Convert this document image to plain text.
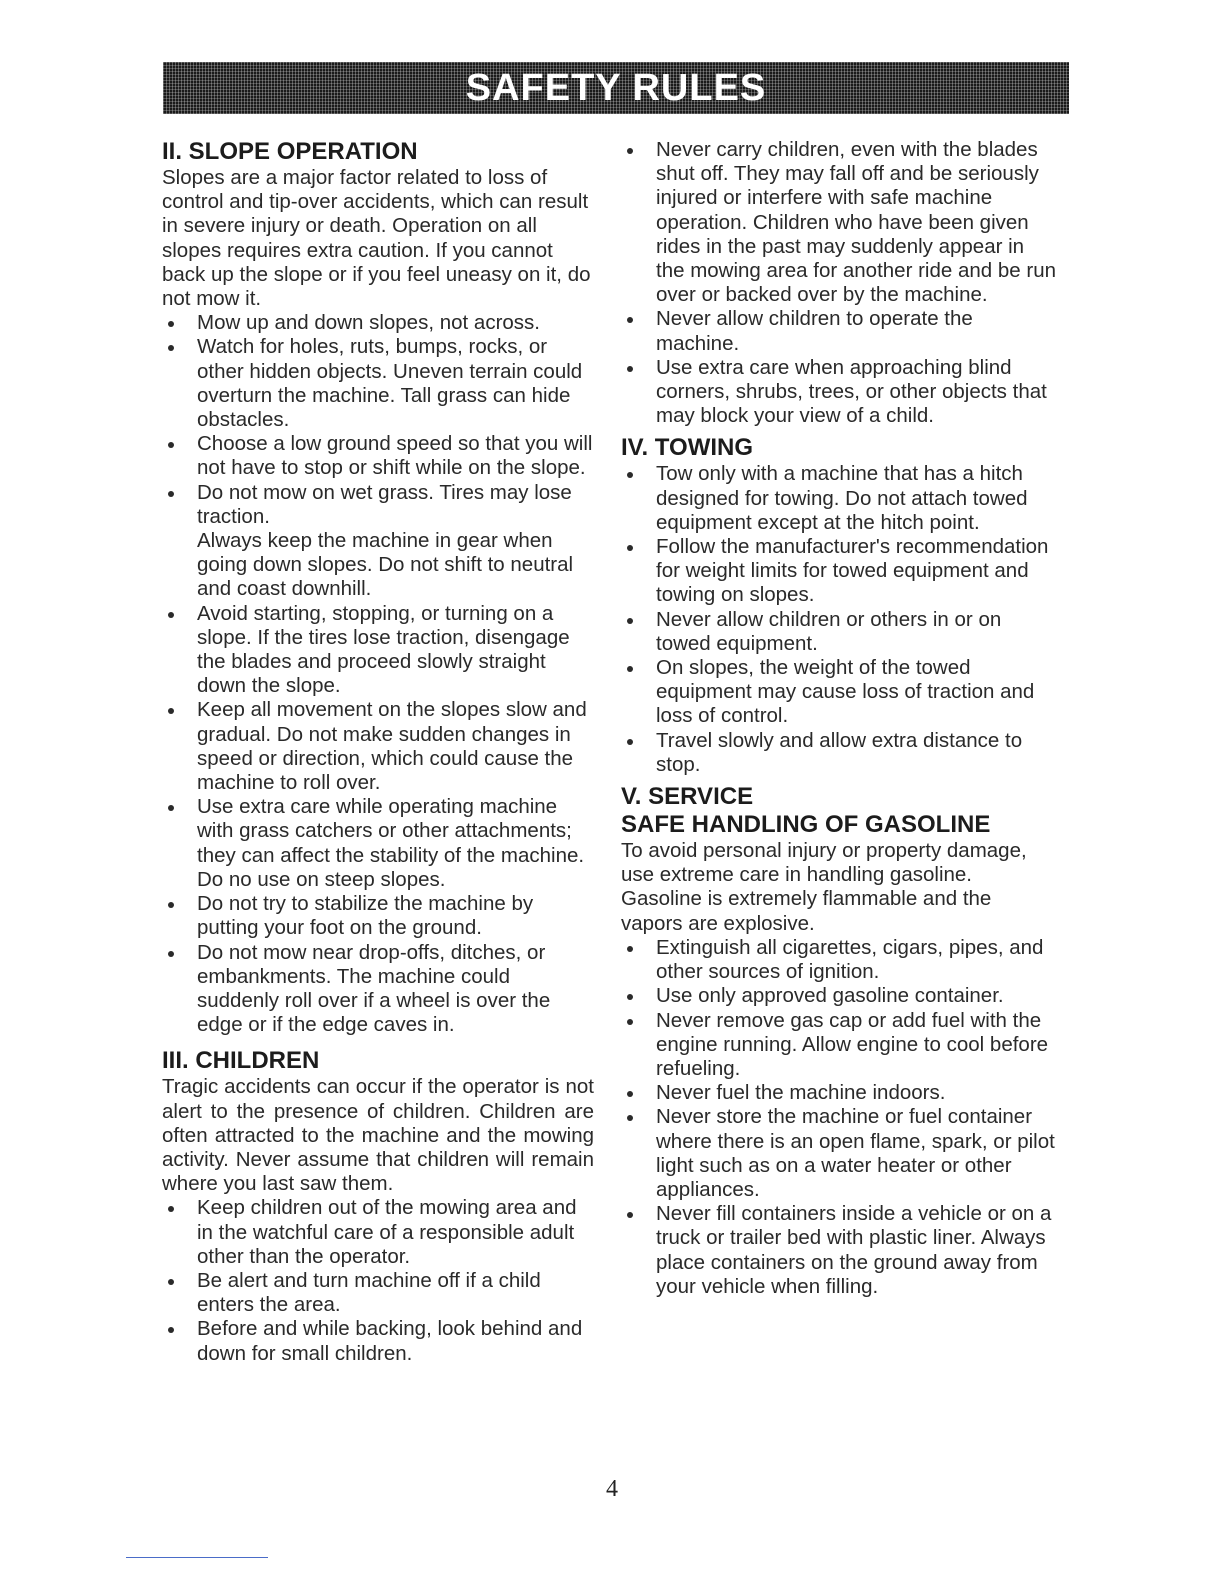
SAFETY RULES
II. SLOPE OPERATION

Slopes are a major factor related to loss of control and tip-over accidents, which can result in severe injury or death. Operation on all slopes requires extra caution. If you cannot back up the slope or if you feel uneasy on it, do not mow it.

Mow up and down slopes, not across.
Watch for holes, ruts, bumps, rocks, or other hidden objects. Uneven terrain could overturn the machine. Tall grass can hide obstacles.
Choose a low ground speed so that you will not have to stop or shift while on the slope.
Do not mow on wet grass. Tires may lose traction.
Always keep the machine in gear when going down slopes. Do not shift to neutral and coast downhill.
Avoid starting, stopping, or turning on a slope. If the tires lose traction, disengage the blades and proceed slowly straight down the slope.
Keep all movement on the slopes slow and gradual. Do not make sudden changes in speed or direction, which could cause the machine to roll over.
Use extra care while operating machine with grass catchers or other attachments; they can affect the stability of the machine. Do no use on steep slopes.
Do not try to stabilize the machine by putting your foot on the ground.
Do not mow near drop-offs, ditches, or embankments. The machine could suddenly roll over if a wheel is over the edge or if the edge caves in.
III. CHILDREN

Tragic accidents can occur if the operator is not alert to the presence of children. Children are often attracted to the machine and the mowing activity. Never assume that children will remain where you last saw them.

Keep children out of the mowing area and in the watchful care of a responsible adult other than the operator.
Be alert and turn machine off if a child enters the area.
Before and while backing, look behind and down for small children.
Never carry children, even with the blades shut off. They may fall off and be seriously injured or interfere with safe machine operation. Children who have been given rides in the past may suddenly appear in the mowing area for another ride and be run over or backed over by the machine.
Never allow children to operate the machine.
Use extra care when approaching blind corners, shrubs, trees, or other objects that may block your view of a child.
IV. TOWING
Tow only with a machine that has a hitch designed for towing. Do not attach towed equipment except at the hitch point.
Follow the manufacturer's recommendation for weight limits for towed equipment and towing on slopes.
Never allow children or others in or on towed equipment.
On slopes, the weight of the towed equipment may cause loss of traction and loss of control.
Travel slowly and allow extra distance to stop.
V. SERVICE
SAFE HANDLING OF GASOLINE

To avoid personal injury or property damage, use extreme care in handling gasoline. Gasoline is extremely flammable and the vapors are explosive.

Extinguish all cigarettes, cigars, pipes, and other sources of ignition.
Use only approved gasoline container.
Never remove gas cap or add fuel with the engine running. Allow engine to cool before refueling.
Never fuel the machine indoors.
Never store the machine or fuel container where there is an open flame, spark, or pilot light such as on a water heater or other appliances.
Never fill containers inside a vehicle or on a truck or trailer bed with plastic liner. Always place containers on the ground away from your vehicle when filling.
4
